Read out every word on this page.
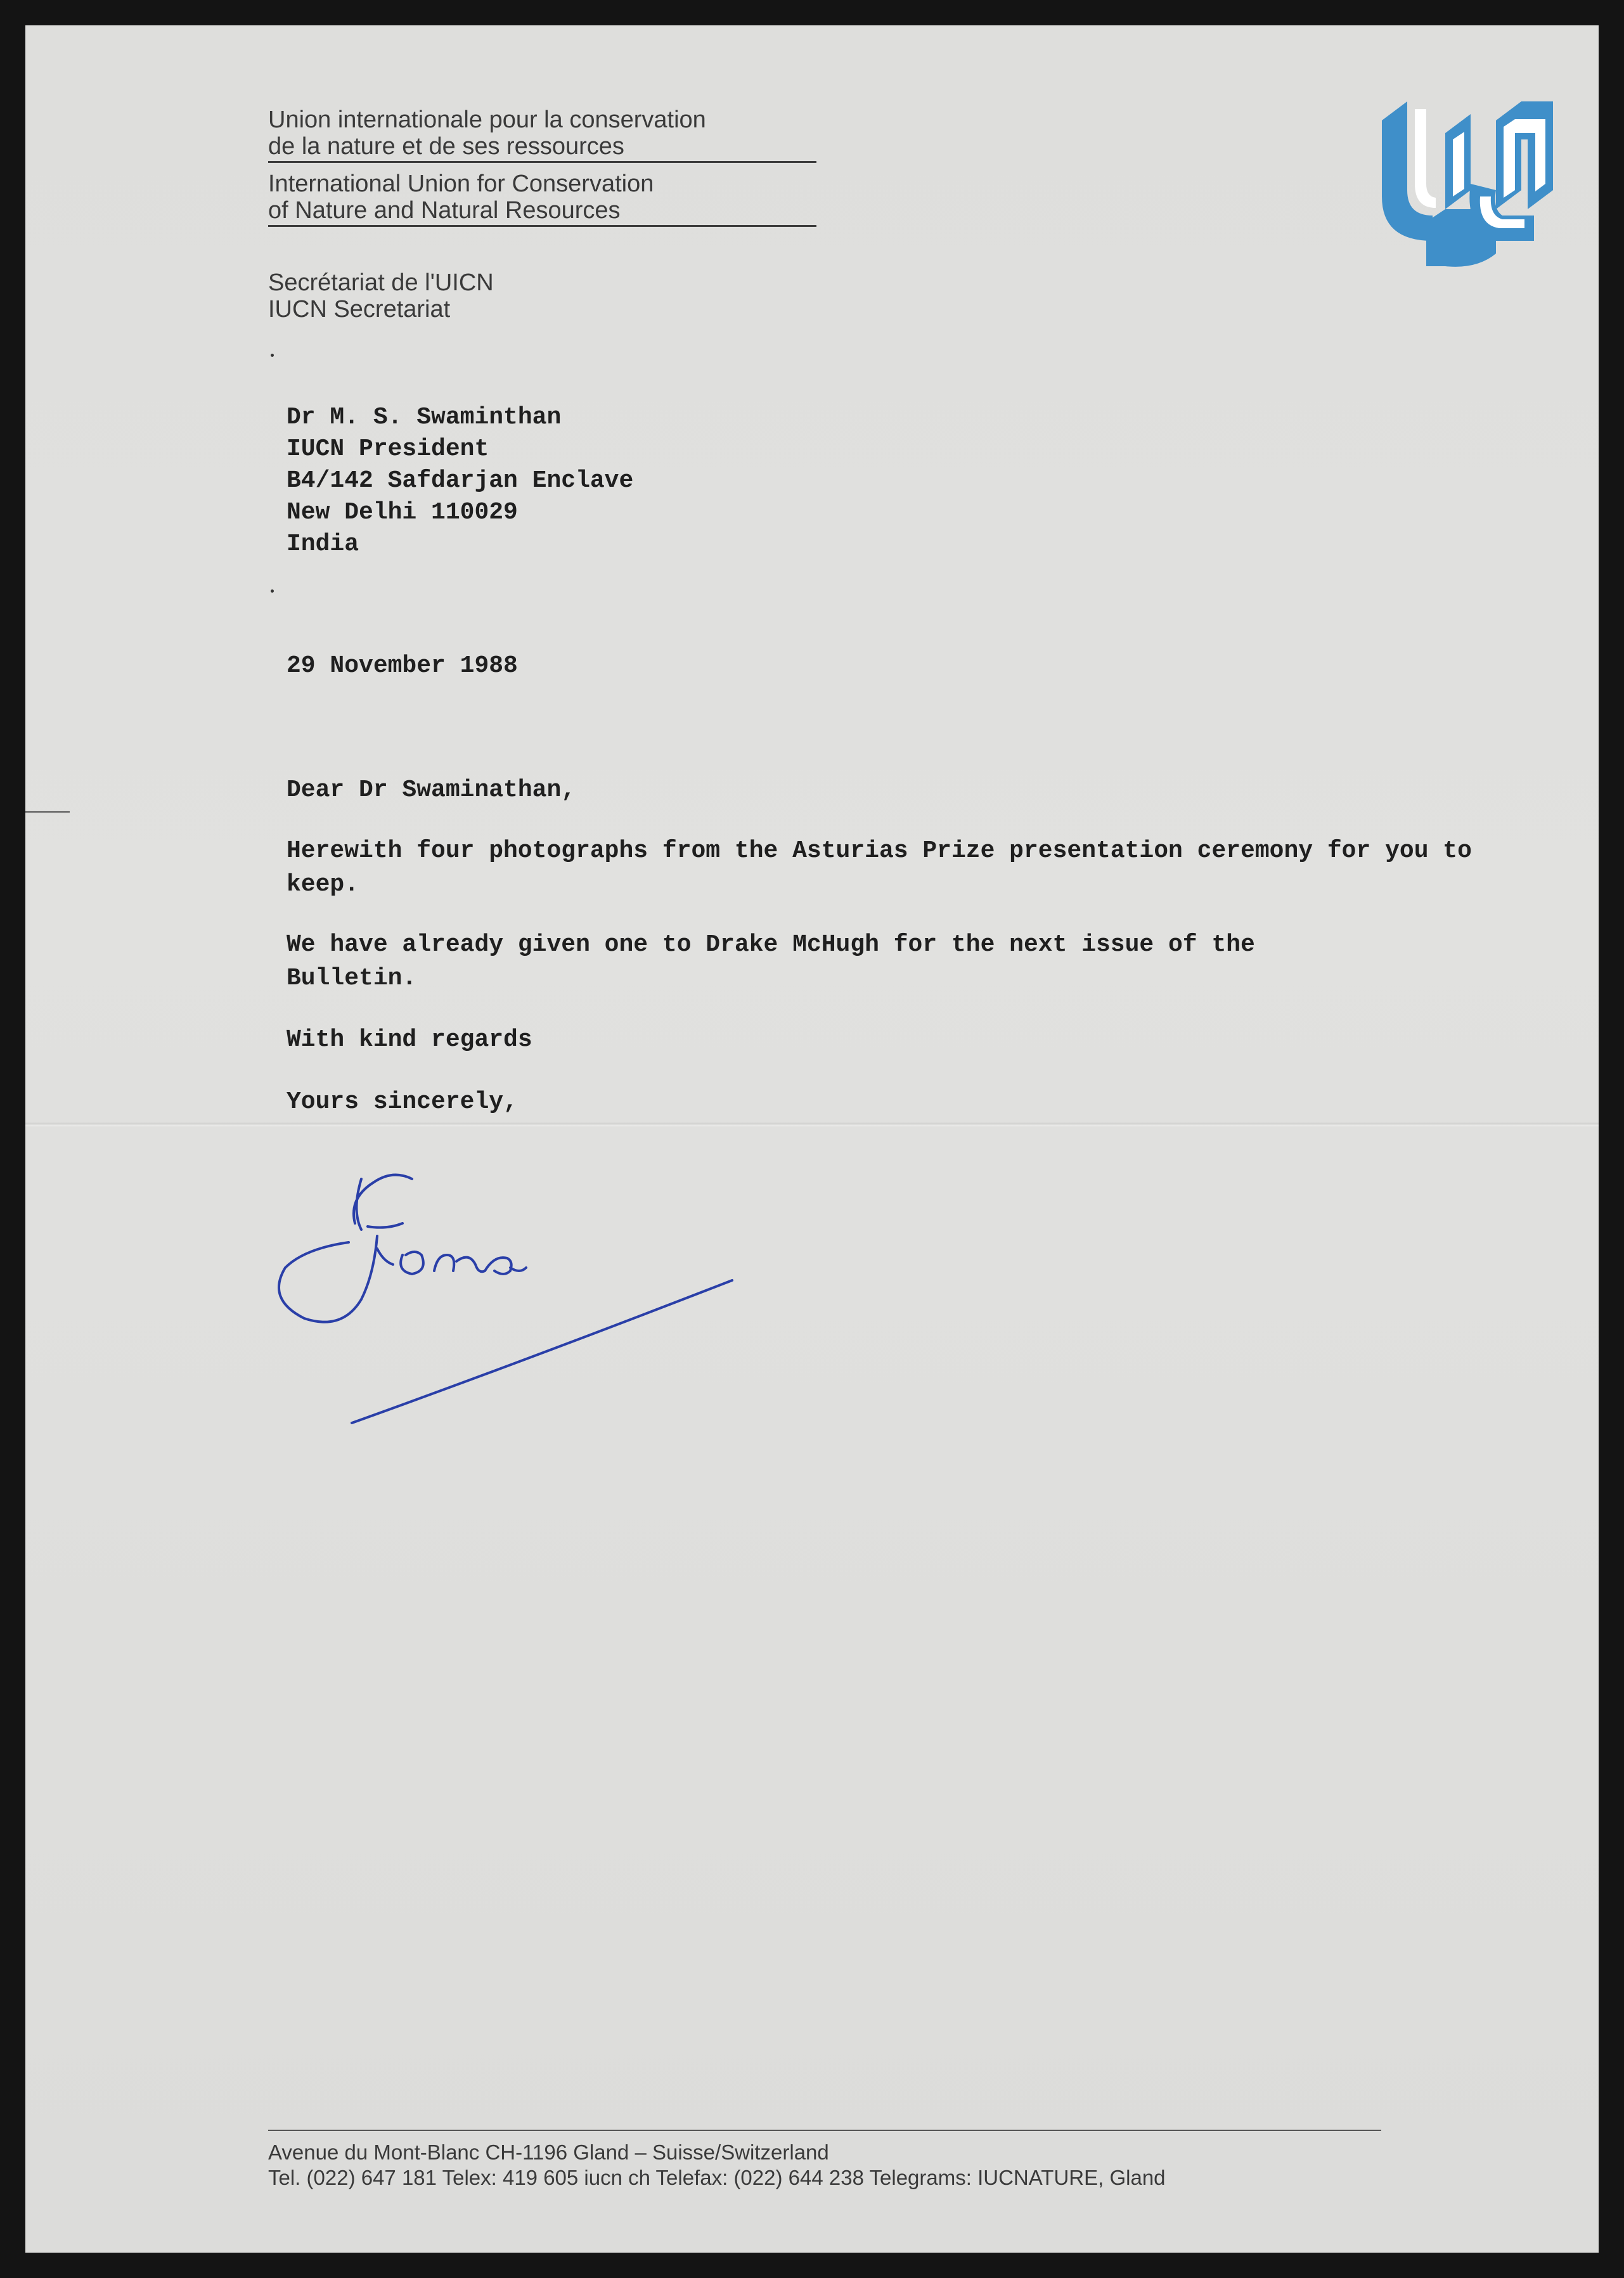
Union internationale pour la conservation
de la nature et de ses ressources
International Union for Conservation
of Nature and Natural Resources
Secrétariat de l'UICN
IUCN Secretariat
Dr M. S. Swaminthan
IUCN President
B4/142 Safdarjan Enclave
New Delhi 110029
India
29 November 1988
Dear Dr Swaminathan,
Herewith four photographs from the Asturias Prize presentation ceremony for you to keep.
We have already given one to Drake McHugh for the next issue of the Bulletin.
With kind regards
Yours sincerely,
Avenue du Mont-Blanc CH-1196 Gland – Suisse/Switzerland
Tel. (022) 647 181 Telex: 419 605 iucn ch Telefax: (022) 644 238 Telegrams: IUCNATURE, Gland
